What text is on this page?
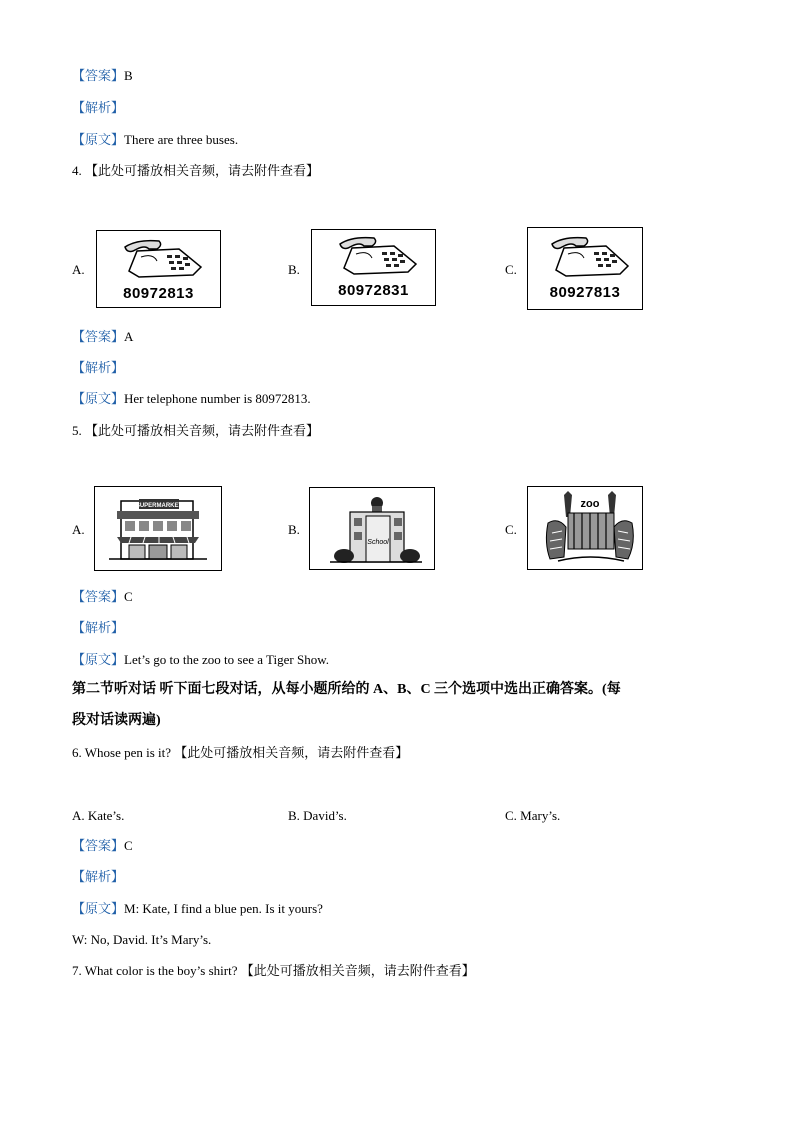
【答案】B
【解析】
【原文】There are three buses.
4. 【此处可播放相关音频，请去附件查看】
A.
80972813
B.
80972831
C.
80927813
【答案】A
【解析】
【原文】Her telephone number is 80972813.
5. 【此处可播放相关音频，请去附件查看】
A.
SUPERMARKET
B.
School
C.
zoo
【答案】C
【解析】
【原文】Let’s go to the zoo to see a Tiger Show.
第二节听对话 听下面七段对话，从每小题所给的 A、B、C 三个选项中选出正确答案。(每
段对话读两遍)
6. Whose pen is it? 【此处可播放相关音频，请去附件查看】
A. Kate’s.	B. David’s.	C. Mary’s.
【答案】C
【解析】
【原文】M: Kate, I find a blue pen. Is it yours?
W: No, David. It’s Mary’s.
7. What color is the boy’s shirt? 【此处可播放相关音频，请去附件查看】
